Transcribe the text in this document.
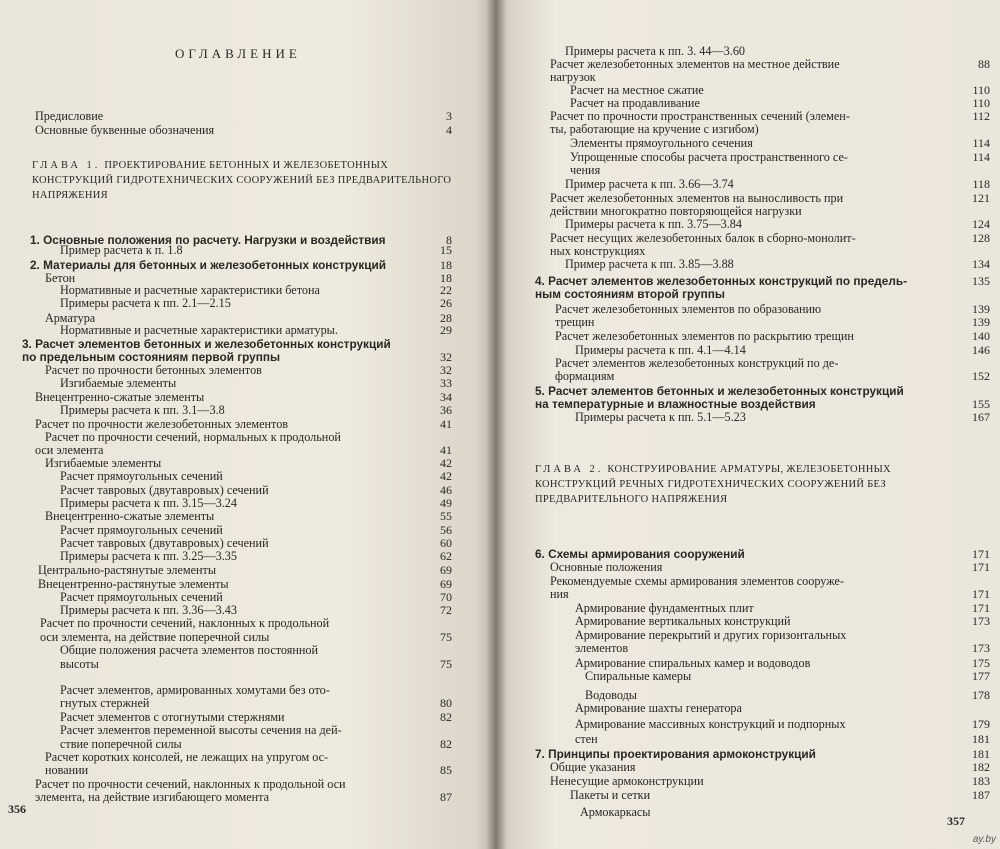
ОГЛАВЛЕНИЕ
ГЛАВА 1. ПРОЕКТИРОВАНИЕ БЕТОННЫХ И ЖЕЛЕЗОБЕТОННЫХ КОНСТРУКЦИЙ ГИДРОТЕХНИЧЕСКИХ СООРУЖЕНИЙ БЕЗ ПРЕДВАРИТЕЛЬНОГО НАПРЯЖЕНИЯ
Предисловие	3
Основные буквенные обозначения	4
1. Основные положения по расчету. Нагрузки и воздействия	8
Пример расчета к п. 1.8	15
2. Материалы для бетонных и железобетонных конструкций	18
Бетон	18
Нормативные и расчетные характеристики бетона	22
Примеры расчета к пп. 2.1—2.15	26
Арматура	28
Нормативные и расчетные характеристики арматуры.	29
3. Расчет элементов бетонных и железобетонных конструкций
по предельным состояниям первой группы	32
Расчет по прочности бетонных элементов	32
Изгибаемые элементы	33
Внецентренно-сжатые элементы	34
Примеры расчета к пп. 3.1—3.8	36
Расчет по прочности железобетонных элементов	41
Расчет по прочности сечений, нормальных к продольной
оси элемента	41
Изгибаемые элементы	42
Расчет прямоугольных сечений	42
Расчет тавровых (двутавровых) сечений	46
Примеры расчета к пп. 3.15—3.24	49
Внецентренно-сжатые элементы	55
Расчет прямоугольных сечений	56
Расчет тавровых (двутавровых) сечений	60
Примеры расчета к пп. 3.25—3.35	62
Центрально-растянутые элементы	69
Внецентренно-растянутые элементы	69
Расчет прямоугольных сечений	70
Примеры расчета к пп. 3.36—3.43	72
Расчет по прочности сечений, наклонных к продольной
оси элемента, на действие поперечной силы	75
Общие положения расчета элементов постоянной
высоты	75
Расчет элементов, армированных хомутами без ото-
гнутых стержней	80
Расчет элементов с отогнутыми стержнями	82
Расчет элементов переменной высоты сечения на дей-
ствие поперечной силы	82
Расчет коротких консолей, не лежащих на упругом ос-
новании	85
Расчет по прочности сечений, наклонных к продольной оси
элемента, на действие изгибающего момента	87
356
ГЛАВА 2. КОНСТРУИРОВАНИЕ АРМАТУРЫ, ЖЕЛЕЗОБЕТОННЫХ КОНСТРУКЦИЙ РЕЧНЫХ ГИДРОТЕХНИЧЕСКИХ СООРУЖЕНИЙ БЕЗ ПРЕДВАРИТЕЛЬНОГО НАПРЯЖЕНИЯ
Примеры расчета к пп. 3. 44—3.60
Расчет железобетонных элементов на местное действие	88
нагрузок
Расчет на местное сжатие	110
Расчет на продавливание	110
Расчет по прочности пространственных сечений (элемен-	112
ты, работающие на кручение с изгибом)
Элементы прямоугольного сечения	114
Упрощенные способы расчета пространственного се-	114
чения
Пример расчета к пп. 3.66—3.74	118
Расчет железобетонных элементов на выносливость при	121
действии многократно повторяющейся нагрузки
Примеры расчета к пп. 3.75—3.84	124
Расчет несущих железобетонных балок в сборно-монолит-	128
ных конструкциях
Пример расчета к пп. 3.85—3.88	134
4. Расчет элементов железобетонных конструкций по предель-	135
ным состояниям второй группы
Расчет железобетонных элементов по образованию	139
трещин	139
Расчет железобетонных элементов по раскрытию трещин	140
Примеры расчета к пп. 4.1—4.14	146
Расчет элементов железобетонных конструкций по де-
формациям	152
5. Расчет элементов бетонных и железобетонных конструкций
на температурные и влажностные воздействия	155
Примеры расчета к пп. 5.1—5.23	167
6. Схемы армирования сооружений	171
Основные положения	171
Рекомендуемые схемы армирования элементов сооруже-
ния	171
Армирование фундаментных плит	171
Армирование вертикальных конструкций	173
Армирование перекрытий и других горизонтальных
элементов	173
Армирование спиральных камер и водоводов	175
Спиральные камеры	177
Водоводы	178
Армирование шахты генератора
Армирование массивных конструкций и подпорных	179
стен	181
7. Принципы проектирования армоконструкций	181
Общие указания	182
Ненесущие армоконструкции	183
Пакеты и сетки	187
Армокаркасы
357
ay.by
